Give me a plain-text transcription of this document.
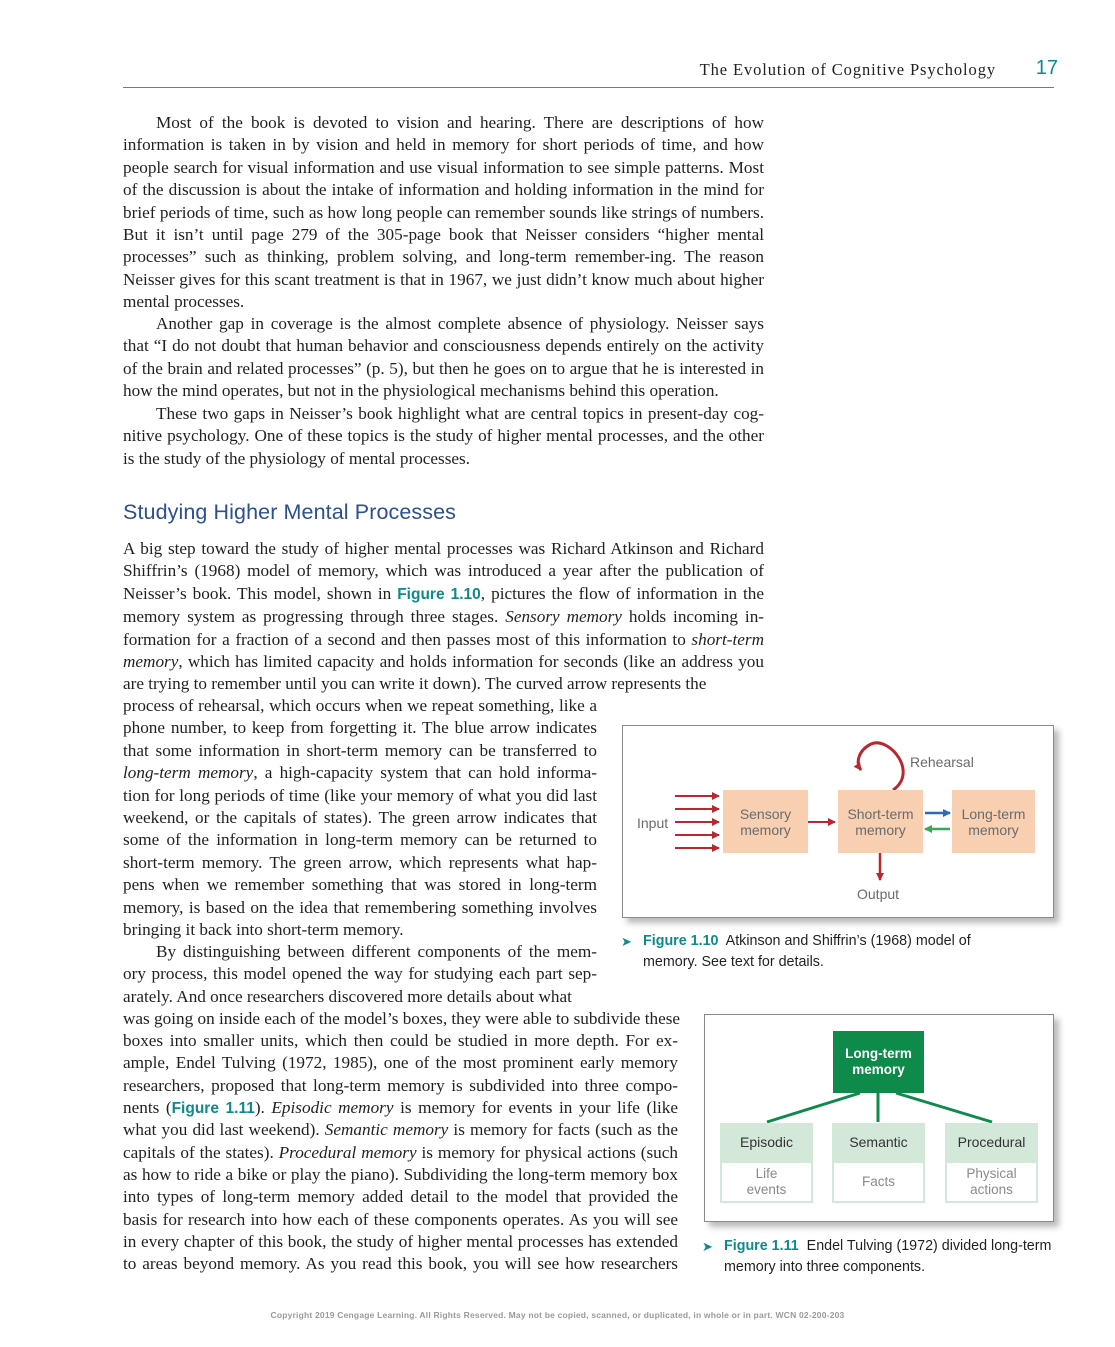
The Evolution of Cognitive Psychology	17

Most of the book is devoted to vision and hearing. There are descriptions of how information is taken in by vision and held in memory for short periods of time, and how people search for visual information and use visual information to see simple patterns. Most of the discussion is about the intake of information and holding information in the mind for brief periods of time, such as how long people can remember sounds like strings of numbers. But it isn’t until page 279 of the 305-page book that Neisser considers “higher mental processes” such as thinking, problem solving, and long-term remember-ing. The reason Neisser gives for this scant treatment is that in 1967, we just didn’t know much about higher mental processes.

Another gap in coverage is the almost complete absence of physiology. Neisser says that “I do not doubt that human behavior and consciousness depends entirely on the activity of the brain and related processes” (p. 5), but then he goes on to argue that he is interested in how the mind operates, but not in the physiological mechanisms behind this operation.

These two gaps in Neisser’s book highlight what are central topics in present-day cog-nitive psychology. One of these topics is the study of higher mental processes, and the other is the study of the physiology of mental processes.

Studying Higher Mental Processes

A big step toward the study of higher mental processes was Richard Atkinson and Richard Shiffrin’s (1968) model of memory, which was introduced a year after the publication of Neisser’s book. This model, shown in Figure 1.10, pictures the flow of information in the memory system as progressing through three stages. Sensory memory holds incoming in-formation for a fraction of a second and then passes most of this information to short-term memory, which has limited capacity and holds information for seconds (like an address you are trying to remember until you can write it down). The curved arrow represents the

process of rehearsal, which occurs when we repeat something, like a phone number, to keep from forgetting it. The blue arrow indicates that some information in short-term memory can be transferred to long-term memory, a high-capacity system that can hold informa-tion for long periods of time (like your memory of what you did last weekend, or the capitals of states). The green arrow indicates that some of the information in long-term memory can be returned to short-term memory. The green arrow, which represents what hap-pens when we remember something that was stored in long-term memory, is based on the idea that remembering something involves bringing it back into short-term memory.

By distinguishing between different components of the mem-ory process, this model opened the way for studying each part sep-arately. And once researchers discovered more details about what

was going on inside each of the model’s boxes, they were able to subdivide these

boxes into smaller units, which then could be studied in more depth. For ex-

ample, Endel Tulving (1972, 1985), one of the most prominent early memory

researchers, proposed that long-term memory is subdivided into three compo-

nents (Figure 1.11). Episodic memory is memory for events in your life (like

what you did last weekend). Semantic memory is memory for facts (such as the

capitals of the states). Procedural memory is memory for physical actions (such

as how to ride a bike or play the piano). Subdividing the long-term memory box

into types of long-term memory added detail to the model that provided the

basis for research into how each of these components operates. As you will see

in every chapter of this book, the study of higher mental processes has extended

to areas beyond memory. As you read this book, you will see how researchers

Input
Sensory memory
Short-term memory
Long-term memory
Rehearsal
Output
➤ Figure 1.10 Atkinson and Shiffrin’s (1968) model of memory. See text for details.
Long-term memory
Episodic
Life events
Semantic
Facts
Procedural
Physical actions
➤ Figure 1.11 Endel Tulving (1972) divided long-term memory into three components.
Copyright 2019 Cengage Learning. All Rights Reserved. May not be copied, scanned, or duplicated, in whole or in part. WCN 02-200-203
